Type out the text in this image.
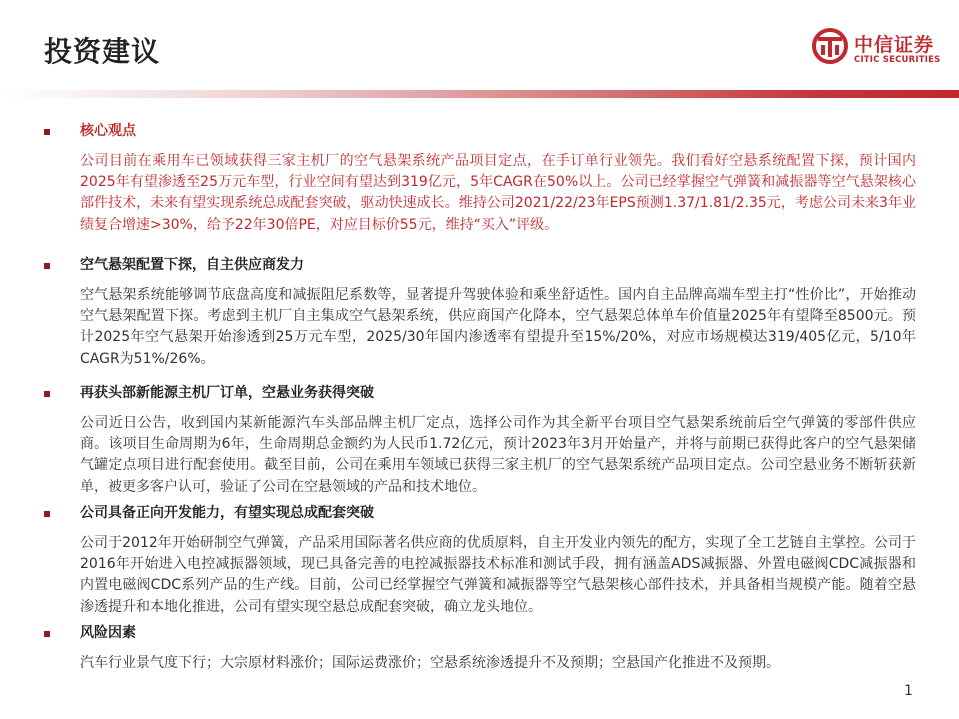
投资建议	中信证券
CITIC SECURITIES
核心观点
公司目前在乘用车已领域获得三家主机厂的空气悬架系统产品项目定点，在手订单行业领先。我们看好空悬系统配置下探，预计国内2025年有望渗透至25万元车型，行业空间有望达到319亿元，5年CAGR在50%以上。公司已经掌握空气弹簧和减振器等空气悬架核心部件技术，未来有望实现系统总成配套突破，驱动快速成长。维持公司2021/22/23年EPS预测1.37/1.81/2.35元，考虑公司未来3年业绩复合增速>30%，给予22年30倍PE，对应目标价55元，维持“买入”评级。
空气悬架配置下探，自主供应商发力
空气悬架系统能够调节底盘高度和减振阻尼系数等，显著提升驾驶体验和乘坐舒适性。国内自主品牌高端车型主打“性价比”，开始推动空气悬架配置下探。考虑到主机厂自主集成空气悬架系统，供应商国产化降本，空气悬架总体单车价值量2025年有望降至8500元。预计2025年空气悬架开始渗透到25万元车型，2025/30年国内渗透率有望提升至15%/20%，对应市场规模达319/405亿元，5/10年CAGR为51%/26%。
再获头部新能源主机厂订单，空悬业务获得突破
公司近日公告，收到国内某新能源汽车头部品牌主机厂定点，选择公司作为其全新平台项目空气悬架系统前后空气弹簧的零部件供应商。该项目生命周期为6年，生命周期总金额约为人民币1.72亿元，预计2023年3月开始量产，并将与前期已获得此客户的空气悬架储气罐定点项目进行配套使用。截至目前，公司在乘用车领域已获得三家主机厂的空气悬架系统产品项目定点。公司空悬业务不断斩获新单，被更多客户认可，验证了公司在空悬领域的产品和技术地位。
公司具备正向开发能力，有望实现总成配套突破
公司于2012年开始研制空气弹簧，产品采用国际著名供应商的优质原料，自主开发业内领先的配方，实现了全工艺链自主掌控。公司于2016年开始进入电控减振器领域，现已具备完善的电控减振器技术标准和测试手段，拥有涵盖ADS减振器、外置电磁阀CDC减振器和内置电磁阀CDC系列产品的生产线。目前，公司已经掌握空气弹簧和减振器等空气悬架核心部件技术，并具备相当规模产能。随着空悬渗透提升和本地化推进，公司有望实现空悬总成配套突破，确立龙头地位。
风险因素
汽车行业景气度下行；大宗原材料涨价；国际运费涨价；空悬系统渗透提升不及预期；空悬国产化推进不及预期。
1
